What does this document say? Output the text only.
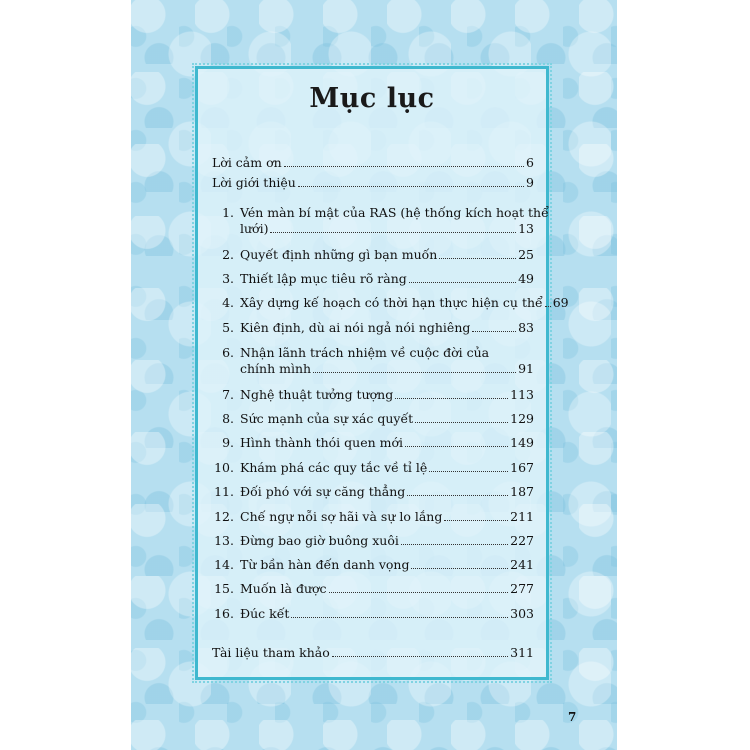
Mục lục
Lời cảm ơn	6
Lời giới thiệu	9
1. Vén màn bí mật của RAS (hệ thống kích hoạt thể
lưới)	13
2. Quyết định những gì bạn muốn	25
3. Thiết lập mục tiêu rõ ràng	49
4. Xây dựng kế hoạch có thời hạn thực hiện cụ thể 69
5. Kiên định, dù ai nói ngả nói nghiêng	83
6. Nhận lãnh trách nhiệm về cuộc đời của
chính mình	91
7. Nghệ thuật tưởng tượng	113
8. Sức mạnh của sự xác quyết	129
9. Hình thành thói quen mới	149
10. Khám phá các quy tắc về tỉ lệ	167
11. Đối phó với sự căng thẳng	187
12. Chế ngự nỗi sợ hãi và sự lo lắng	211
13. Đừng bao giờ buông xuôi	227
14. Từ bần hàn đến danh vọng	241
15. Muốn là được	277
16. Đúc kết	303
Tài liệu tham khảo	311
7
